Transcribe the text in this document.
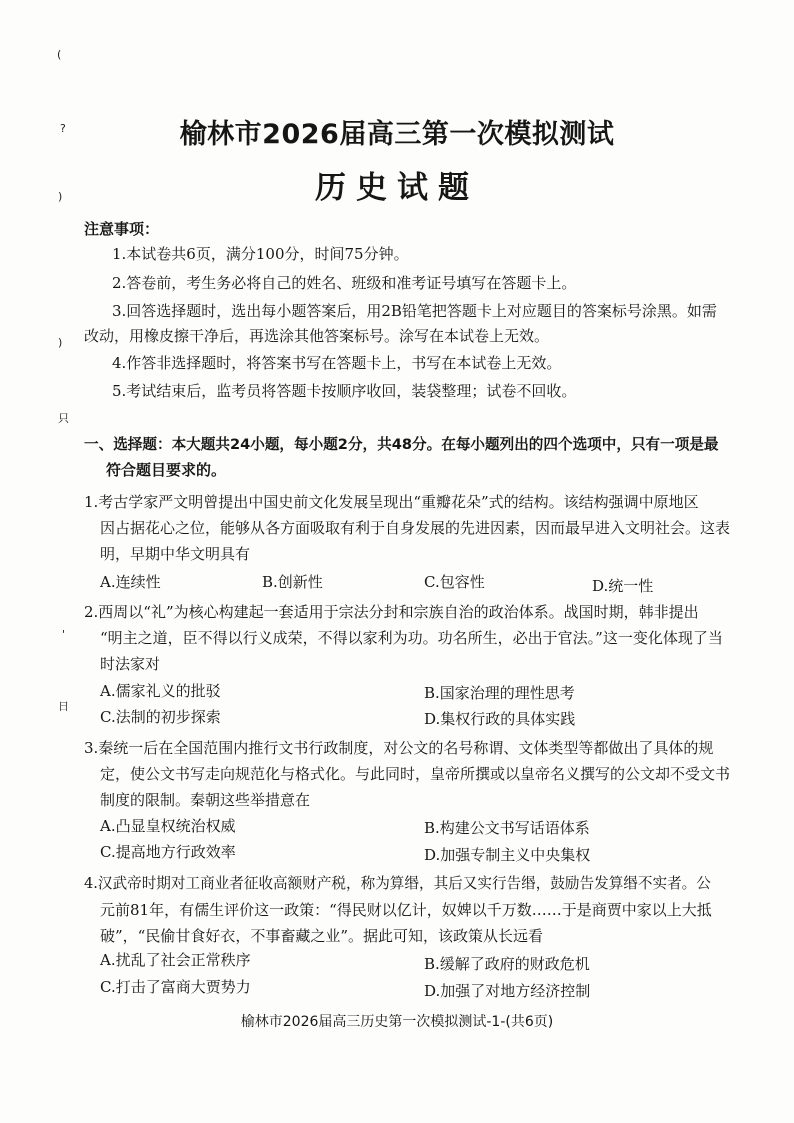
(
?
)
)
只
'
日
榆林市2026届高三第一次模拟测试
历史试题
注意事项：
1.本试卷共6页，满分100分，时间75分钟。
2.答卷前，考生务必将自己的姓名、班级和准考证号填写在答题卡上。
3.回答选择题时，选出每小题答案后，用2B铅笔把答题卡上对应题目的答案标号涂黑。如需
改动，用橡皮擦干净后，再选涂其他答案标号。涂写在本试卷上无效。
4.作答非选择题时，将答案书写在答题卡上，书写在本试卷上无效。
5.考试结束后，监考员将答题卡按顺序收回，装袋整理；试卷不回收。
一、选择题：本大题共24小题，每小题2分，共48分。在每小题列出的四个选项中，只有一项是最
符合题目要求的。
1.考古学家严文明曾提出中国史前文化发展呈现出“重瓣花朵”式的结构。该结构强调中原地区
因占据花心之位，能够从各方面吸取有利于自身发展的先进因素，因而最早进入文明社会。这表
明，早期中华文明具有
A.连续性	B.创新性	C.包容性	D.统一性
2.西周以“礼”为核心构建起一套适用于宗法分封和宗族自治的政治体系。战国时期，韩非提出
“明主之道，臣不得以行义成荣，不得以家利为功。功名所生，必出于官法。”这一变化体现了当
时法家对
A.儒家礼义的批驳	B.国家治理的理性思考
C.法制的初步探索	D.集权行政的具体实践
3.秦统一后在全国范围内推行文书行政制度，对公文的名号称谓、文体类型等都做出了具体的规
定，使公文书写走向规范化与格式化。与此同时，皇帝所撰或以皇帝名义撰写的公文却不受文书
制度的限制。秦朝这些举措意在
A.凸显皇权统治权威	B.构建公文书写话语体系
C.提高地方行政效率	D.加强专制主义中央集权
4.汉武帝时期对工商业者征收高额财产税，称为算缗，其后又实行告缗，鼓励告发算缗不实者。公
元前81年，有儒生评价这一政策：“得民财以亿计，奴婢以千万数……于是商贾中家以上大抵
破”，“民偷甘食好衣，不事畜藏之业”。据此可知，该政策从长远看
A.扰乱了社会正常秩序	B.缓解了政府的财政危机
C.打击了富商大贾势力	D.加强了对地方经济控制
榆林市2026届高三历史第一次模拟测试-1-(共6页)
